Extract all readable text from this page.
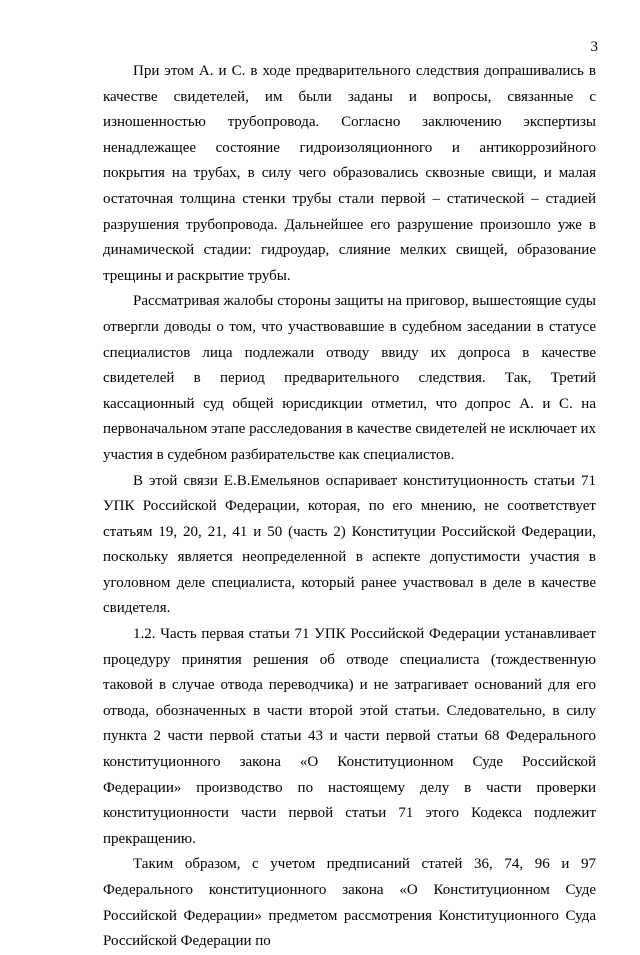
3

При этом А. и С. в ходе предварительного следствия допрашивались в качестве свидетелей, им были заданы и вопросы, связанные с изношенностью трубопровода. Согласно заключению экспертизы ненадлежащее состояние гидроизоляционного и антикоррозийного покрытия на трубах, в силу чего образовались сквозные свищи, и малая остаточная толщина стенки трубы стали первой – статической – стадией разрушения трубопровода. Дальнейшее его разрушение произошло уже в динамической стадии: гидроудар, слияние мелких свищей, образование трещины и раскрытие трубы.

Рассматривая жалобы стороны защиты на приговор, вышестоящие суды отвергли доводы о том, что участвовавшие в судебном заседании в статусе специалистов лица подлежали отводу ввиду их допроса в качестве свидетелей в период предварительного следствия. Так, Третий кассационный суд общей юрисдикции отметил, что допрос А. и С. на первоначальном этапе расследования в качестве свидетелей не исключает их участия в судебном разбирательстве как специалистов.

В этой связи Е.В.Емельянов оспаривает конституционность статьи 71 УПК Российской Федерации, которая, по его мнению, не соответствует статьям 19, 20, 21, 41 и 50 (часть 2) Конституции Российской Федерации, поскольку является неопределенной в аспекте допустимости участия в уголовном деле специалиста, который ранее участвовал в деле в качестве свидетеля.

1.2. Часть первая статьи 71 УПК Российской Федерации устанавливает процедуру принятия решения об отводе специалиста (тождественную таковой в случае отвода переводчика) и не затрагивает оснований для его отвода, обозначенных в части второй этой статьи. Следовательно, в силу пункта 2 части первой статьи 43 и части первой статьи 68 Федерального конституционного закона «О Конституционном Суде Российской Федерации» производство по настоящему делу в части проверки конституционности части первой статьи 71 этого Кодекса подлежит прекращению.

Таким образом, с учетом предписаний статей 36, 74, 96 и 97 Федерального конституционного закона «О Конституционном Суде Российской Федерации» предметом рассмотрения Конституционного Суда Российской Федерации по
